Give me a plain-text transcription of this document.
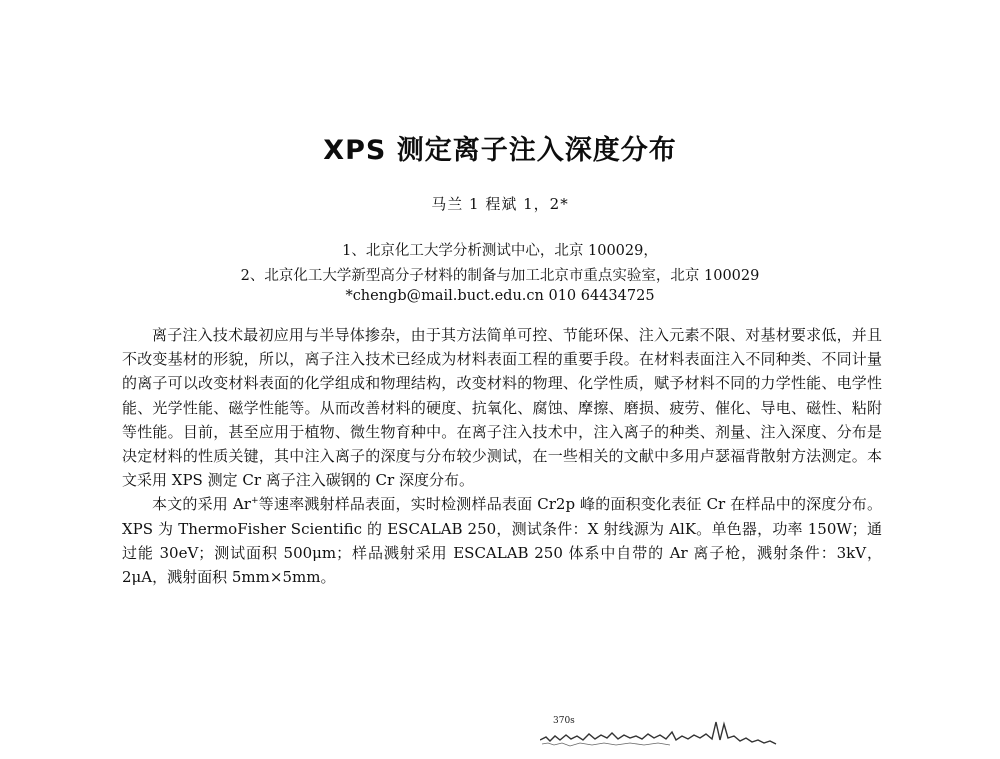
XPS 测定离子注入深度分布
马兰 1 程斌 1，2*
1、北京化工大学分析测试中心，北京 100029，
2、北京化工大学新型高分子材料的制备与加工北京市重点实验室，北京 100029
*chengb@mail.buct.edu.cn 010 64434725

离子注入技术最初应用与半导体掺杂，由于其方法简单可控、节能环保、注入元素不限、对基材要求低，并且不改变基材的形貌，所以，离子注入技术已经成为材料表面工程的重要手段。在材料表面注入不同种类、不同计量的离子可以改变材料表面的化学组成和物理结构，改变材料的物理、化学性质，赋予材料不同的力学性能、电学性能、光学性能、磁学性能等。从而改善材料的硬度、抗氧化、腐蚀、摩擦、磨损、疲劳、催化、导电、磁性、粘附等性能。目前，甚至应用于植物、微生物育种中。在离子注入技术中，注入离子的种类、剂量、注入深度、分布是决定材料的性质关键，其中注入离子的深度与分布较少测试，在一些相关的文献中多用卢瑟福背散射方法测定。本文采用 XPS 测定 Cr 离子注入碳钢的 Cr 深度分布。

本文的采用 Ar+等速率溅射样品表面，实时检测样品表面 Cr2p 峰的面积变化表征 Cr 在样品中的深度分布。XPS 为 ThermoFisher Scientific 的 ESCALAB 250，测试条件：X 射线源为 AlK。单色器，功率 150W；通过能 30eV；测试面积 500μm；样品溅射采用 ESCALAB 250 体系中自带的 Ar 离子枪，溅射条件：3kV，2μA，溅射面积 5mm×5mm。

370s
